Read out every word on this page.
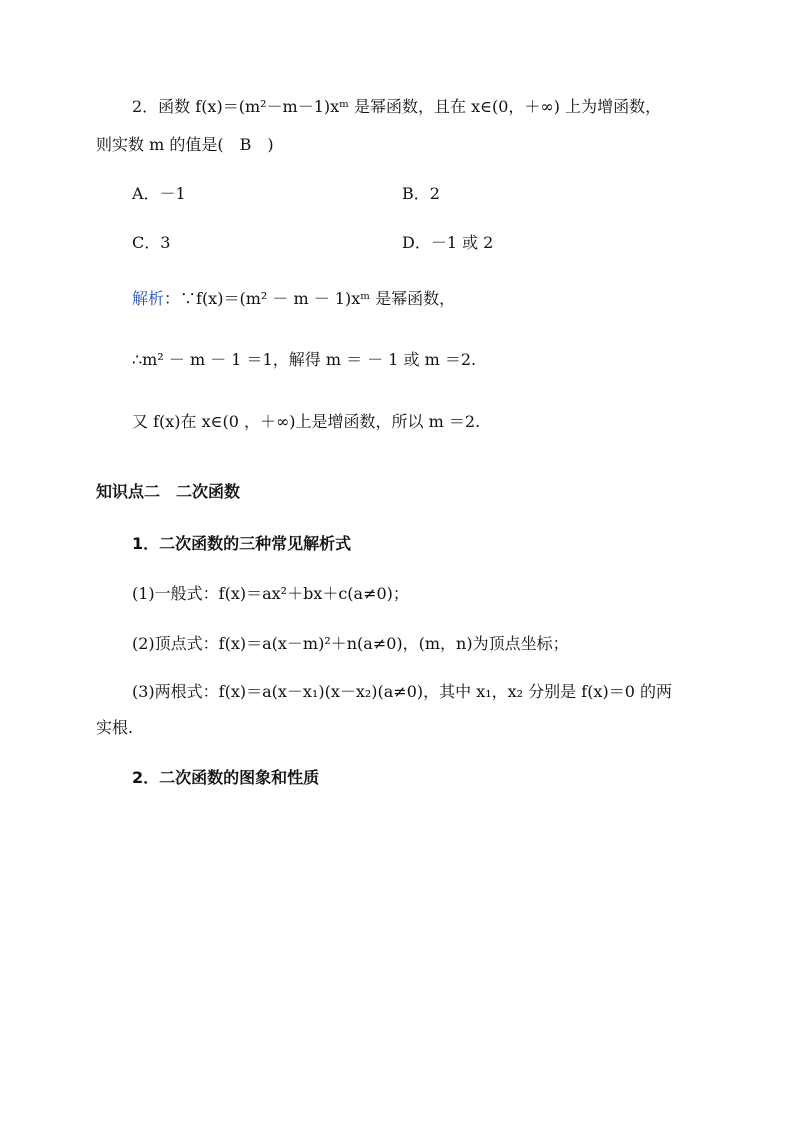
2．函数 f(x)＝(m²－m－1)xᵐ 是幂函数，且在 x∈(0，＋∞) 上为增函数，
则实数 m 的值是(　B　)
A．－1	B．2
C．3	D．－1 或 2
解析：∵f(x)＝(m² － m － 1)xᵐ 是幂函数，
∴m² － m － 1 ＝1，解得 m ＝ － 1 或 m ＝2.
又 f(x)在 x∈(0 ，＋∞)上是增函数，所以 m ＝2.
知识点二　二次函数
1．二次函数的三种常见解析式
(1)一般式：f(x)＝ax²＋bx＋c(a≠0)；
(2)顶点式：f(x)＝a(x－m)²＋n(a≠0)，(m，n)为顶点坐标；
(3)两根式：f(x)＝a(x－x₁)(x－x₂)(a≠0)，其中 x₁，x₂ 分别是 f(x)＝0 的两
实根.
2．二次函数的图象和性质
